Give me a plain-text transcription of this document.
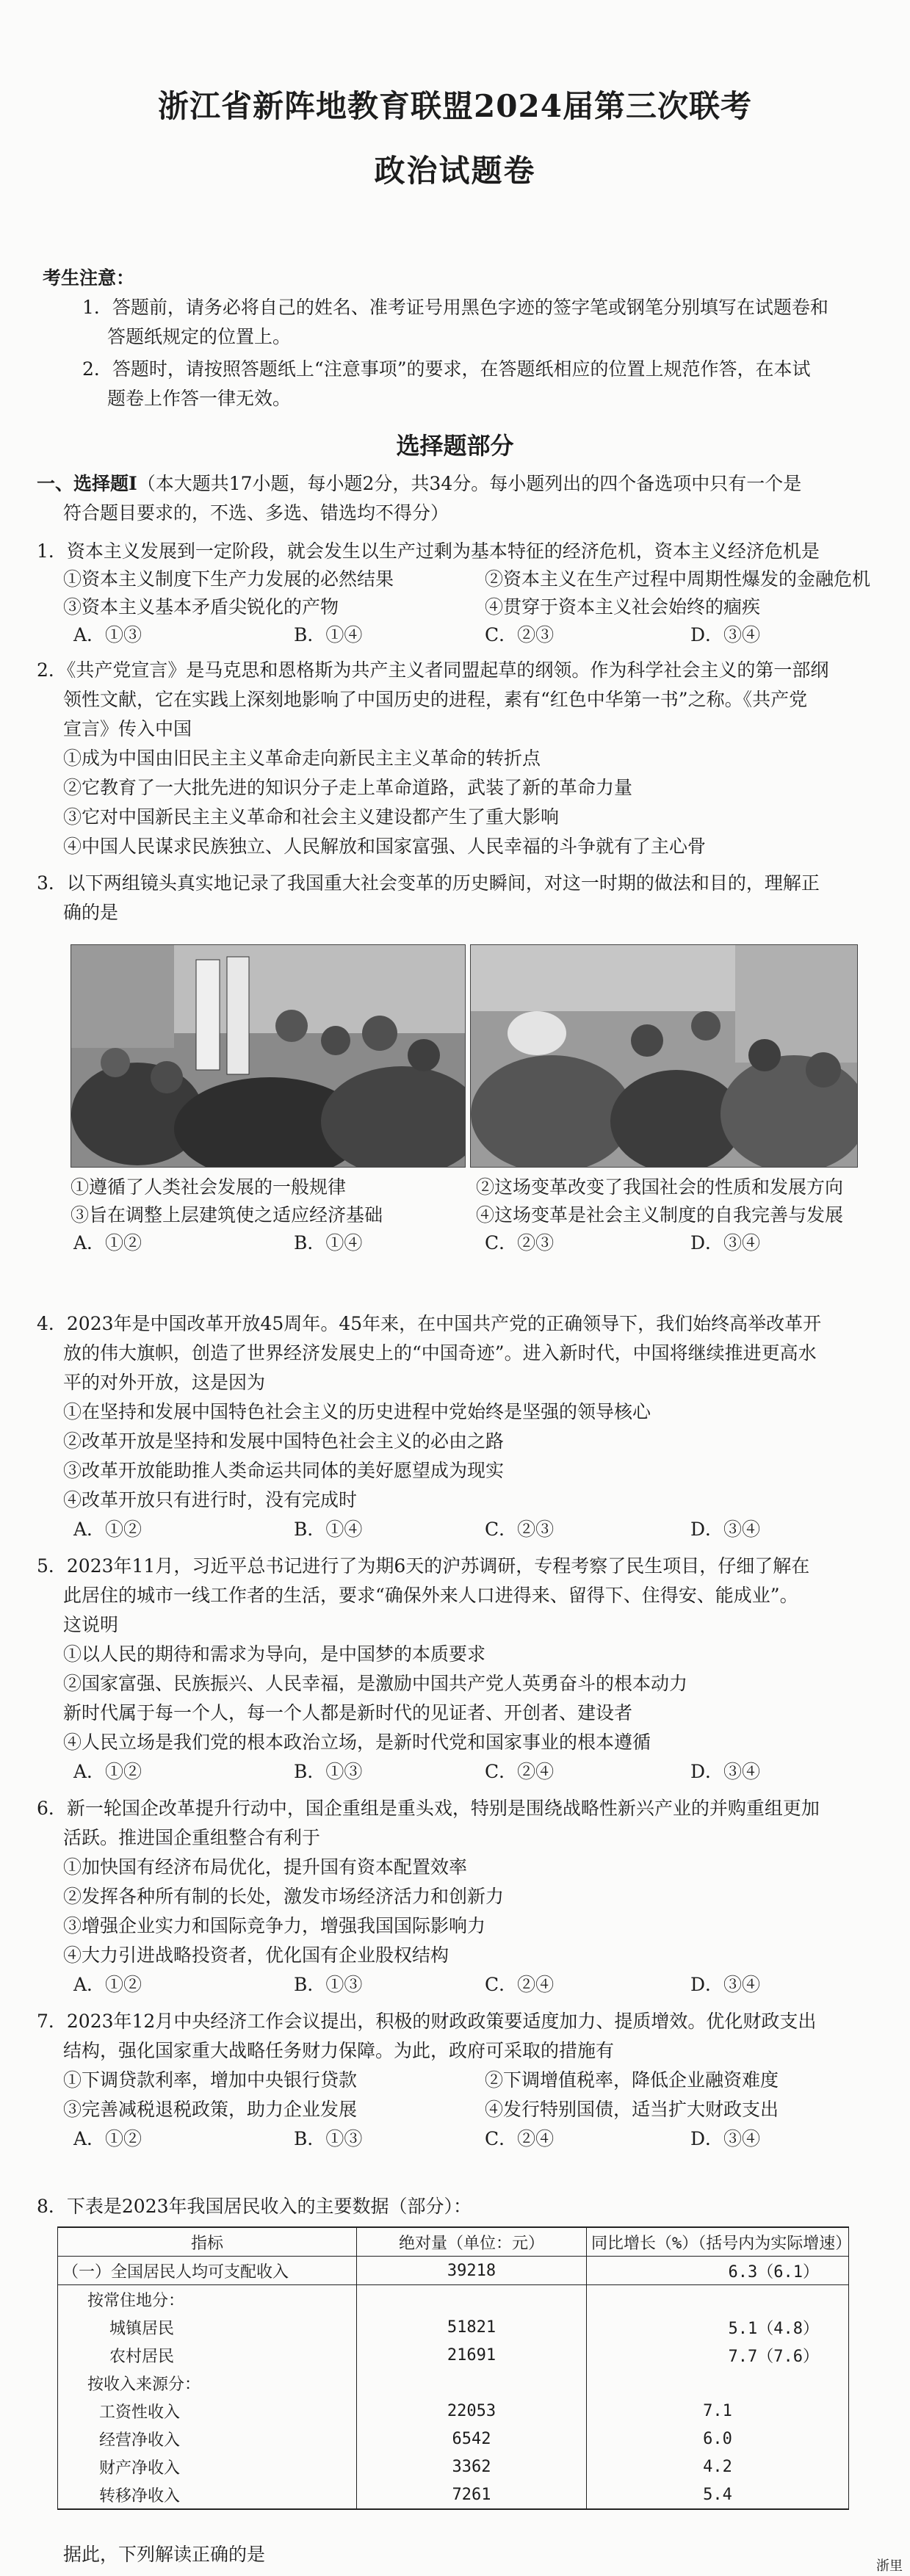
浙江省新阵地教育联盟2024届第三次联考
政治试题卷
考生注意：
1．答题前，请务必将自己的姓名、准考证号用黑色字迹的签字笔或钢笔分别填写在试题卷和
答题纸规定的位置上。
2．答题时，请按照答题纸上“注意事项”的要求，在答题纸相应的位置上规范作答，在本试
题卷上作答一律无效。
选择题部分
一、选择题Ⅰ（本大题共17小题，每小题2分，共34分。每小题列出的四个备选项中只有一个是
符合题目要求的，不选、多选、错选均不得分）
1．资本主义发展到一定阶段，就会发生以生产过剩为基本特征的经济危机，资本主义经济危机是
①资本主义制度下生产力发展的必然结果	②资本主义在生产过程中周期性爆发的金融危机
③资本主义基本矛盾尖锐化的产物	④贯穿于资本主义社会始终的痼疾
A．①③	B．①④	C．②③	D．③④
2．《共产党宣言》是马克思和恩格斯为共产主义者同盟起草的纲领。作为科学社会主义的第一部纲
领性文献，它在实践上深刻地影响了中国历史的进程，素有“红色中华第一书”之称。《共产党
宣言》传入中国
①成为中国由旧民主主义革命走向新民主主义革命的转折点
②它教育了一大批先进的知识分子走上革命道路，武装了新的革命力量
③它对中国新民主主义革命和社会主义建设都产生了重大影响
④中国人民谋求民族独立、人民解放和国家富强、人民幸福的斗争就有了主心骨
3．以下两组镜头真实地记录了我国重大社会变革的历史瞬间，对这一时期的做法和目的，理解正
确的是
①遵循了人类社会发展的一般规律	②这场变革改变了我国社会的性质和发展方向
③旨在调整上层建筑使之适应经济基础	④这场变革是社会主义制度的自我完善与发展
A．①②	B．①④	C．②③	D．③④
4．2023年是中国改革开放45周年。45年来，在中国共产党的正确领导下，我们始终高举改革开
放的伟大旗帜，创造了世界经济发展史上的“中国奇迹”。进入新时代，中国将继续推进更高水
平的对外开放，这是因为
①在坚持和发展中国特色社会主义的历史进程中党始终是坚强的领导核心
②改革开放是坚持和发展中国特色社会主义的必由之路
③改革开放能助推人类命运共同体的美好愿望成为现实
④改革开放只有进行时，没有完成时
A．①②	B．①④	C．②③	D．③④
5．2023年11月，习近平总书记进行了为期6天的沪苏调研，专程考察了民生项目，仔细了解在
此居住的城市一线工作者的生活，要求“确保外来人口进得来、留得下、住得安、能成业”。
这说明
①以人民的期待和需求为导向，是中国梦的本质要求
②国家富强、民族振兴、人民幸福，是激励中国共产党人英勇奋斗的根本动力
新时代属于每一个人，每一个人都是新时代的见证者、开创者、建设者
④人民立场是我们党的根本政治立场，是新时代党和国家事业的根本遵循
A．①②	B．①③	C．②④	D．③④
6．新一轮国企改革提升行动中，国企重组是重头戏，特别是围绕战略性新兴产业的并购重组更加
活跃。推进国企重组整合有利于
①加快国有经济布局优化，提升国有资本配置效率
②发挥各种所有制的长处，激发市场经济活力和创新力
③增强企业实力和国际竞争力，增强我国国际影响力
④大力引进战略投资者，优化国有企业股权结构
A．①②	B．①③	C．②④	D．③④
7．2023年12月中央经济工作会议提出，积极的财政政策要适度加力、提质增效。优化财政支出
结构，强化国家重大战略任务财力保障。为此，政府可采取的措施有
①下调贷款利率，增加中央银行贷款	②下调增值税率，降低企业融资难度
③完善减税退税政策，助力企业发展	④发行特别国债，适当扩大财政支出
A．①②	B．①③	C．②④	D．③④
8．下表是2023年我国居民收入的主要数据（部分）：
指标	绝对量（单位：元）	同比增长（%）（括号内为实际增速）
（一）全国居民人均可支配收入	39218	6.3（6.1）
按常住地分：		
城镇居民	51821	5.1（4.8）
农村居民	21691	7.7（7.6）
按收入来源分：		
工资性收入	22053	7.1
经营净收入	6542	6.0
财产净收入	3362	4.2
转移净收入	7261	5.4
据此，下列解读正确的是
浙里
